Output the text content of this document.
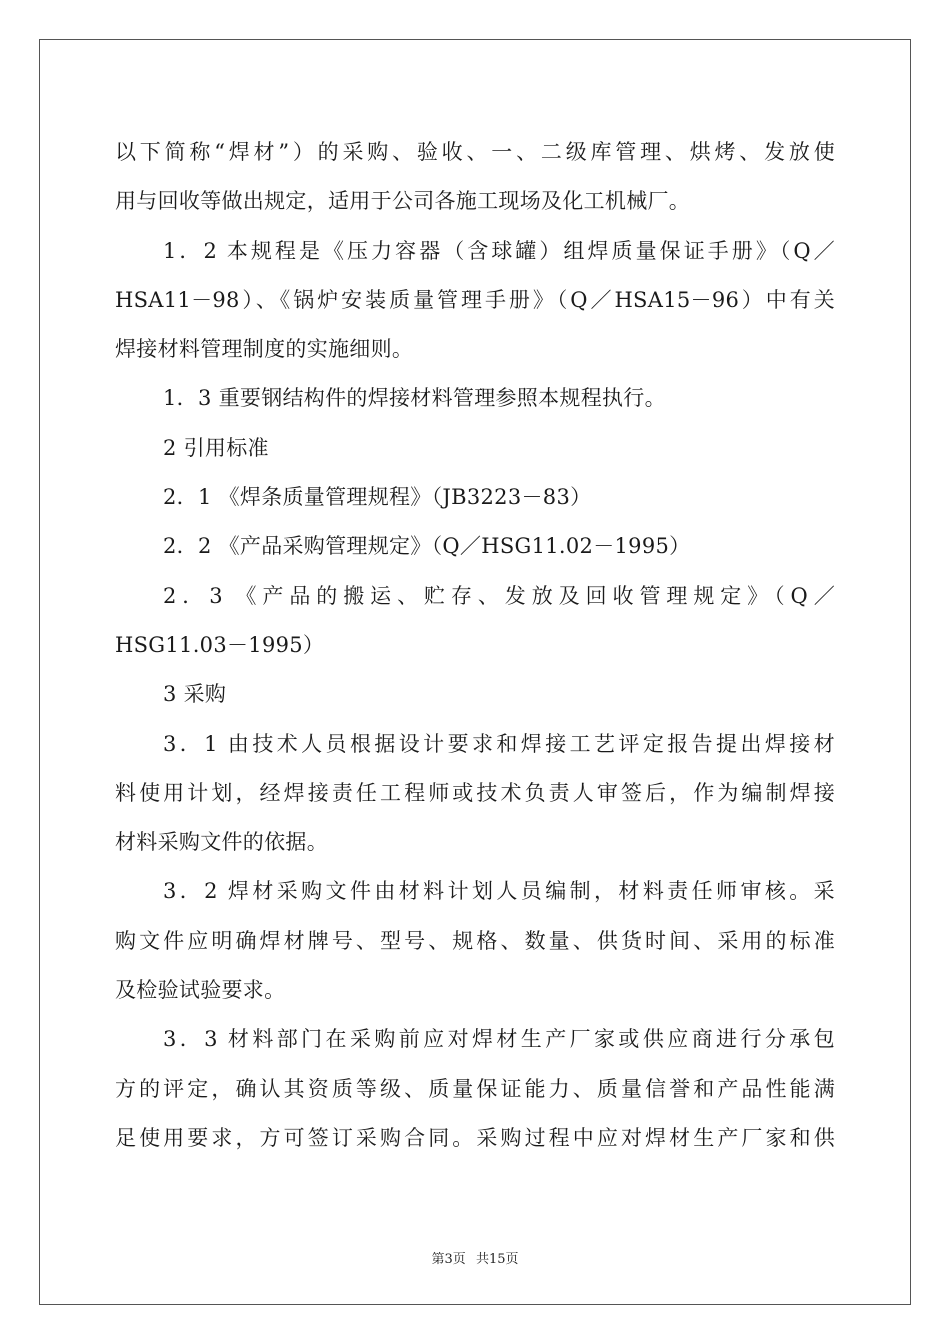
以下简称“焊材”）的采购、验收、一、二级库管理、烘烤、发放使
用与回收等做出规定，适用于公司各施工现场及化工机械厂。
1．2 本规程是《压力容器（含球罐）组焊质量保证手册》（Q／
HSA11－98）、《锅炉安装质量管理手册》（Q／HSA15－96）中有关
焊接材料管理制度的实施细则。
1．3 重要钢结构件的焊接材料管理参照本规程执行。
2 引用标准
2．1 《焊条质量管理规程》（JB3223－83）
2．2 《产品采购管理规定》（Q／HSG11.02－1995）
2．3 《产品的搬运、贮存、发放及回收管理规定》（Q／
HSG11.03－1995）
3 采购
3．1 由技术人员根据设计要求和焊接工艺评定报告提出焊接材
料使用计划，经焊接责任工程师或技术负责人审签后，作为编制焊接
材料采购文件的依据。
3．2 焊材采购文件由材料计划人员编制，材料责任师审核。采
购文件应明确焊材牌号、型号、规格、数量、供货时间、采用的标准
及检验试验要求。
3．3 材料部门在采购前应对焊材生产厂家或供应商进行分承包
方的评定，确认其资质等级、质量保证能力、质量信誉和产品性能满
足使用要求，方可签订采购合同。采购过程中应对焊材生产厂家和供
第3页 共15页
